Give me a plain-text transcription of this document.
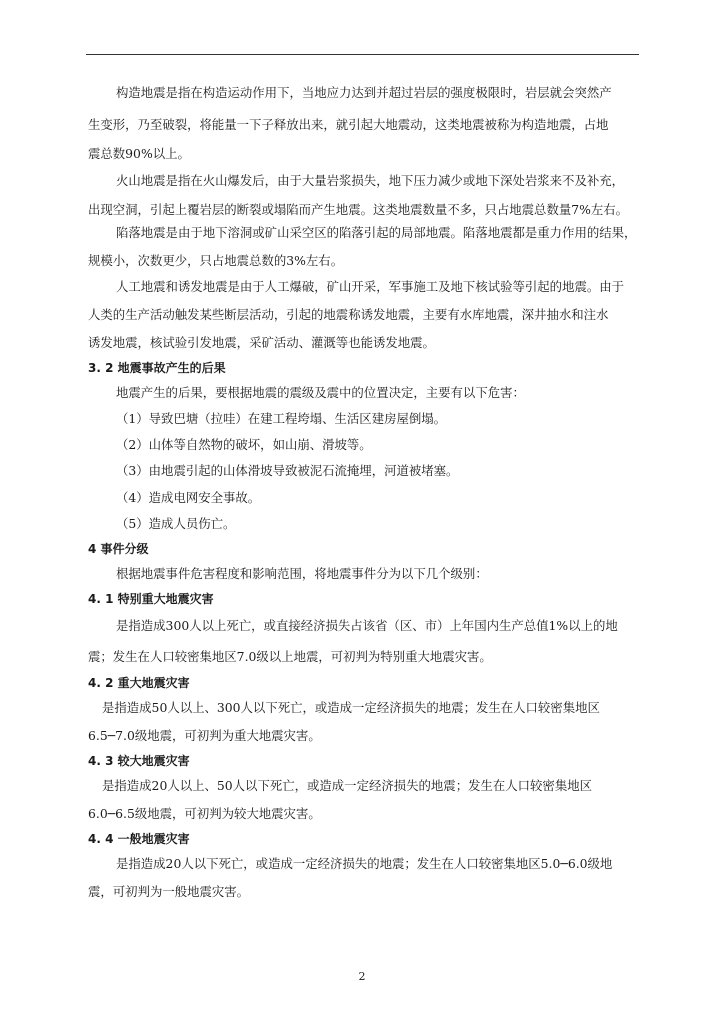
构造地震是指在构造运动作用下，当地应力达到并超过岩层的强度极限时，岩层就会突然产
生变形，乃至破裂，将能量一下子释放出来，就引起大地震动，这类地震被称为构造地震，占地
震总数90%以上。
火山地震是指在火山爆发后，由于大量岩浆损失，地下压力减少或地下深处岩浆来不及补充，
出现空洞，引起上覆岩层的断裂或塌陷而产生地震。这类地震数量不多，只占地震总数量7%左右。
陷落地震是由于地下溶洞或矿山采空区的陷落引起的局部地震。陷落地震都是重力作用的结果，
规模小，次数更少，只占地震总数的3%左右。
人工地震和诱发地震是由于人工爆破，矿山开采，军事施工及地下核试验等引起的地震。由于
人类的生产活动触发某些断层活动，引起的地震称诱发地震，主要有水库地震，深井抽水和注水
诱发地震，核试验引发地震，采矿活动、灌溉等也能诱发地震。
3. 2 地震事故产生的后果
地震产生的后果，要根据地震的震级及震中的位置决定，主要有以下危害：
（1）导致巴塘（拉哇）在建工程垮塌、生活区建房屋倒塌。
（2）山体等自然物的破坏，如山崩、滑坡等。
（3）由地震引起的山体滑坡导致被泥石流掩埋，河道被堵塞。
（4）造成电网安全事故。
（5）造成人员伤亡。
4 事件分级
根据地震事件危害程度和影响范围，将地震事件分为以下几个级别：
4. 1 特别重大地震灾害
是指造成300人以上死亡，或直接经济损失占该省（区、市）上年国内生产总值1%以上的地
震；发生在人口较密集地区7.0级以上地震，可初判为特别重大地震灾害。
4. 2 重大地震灾害
是指造成50人以上、300人以下死亡，或造成一定经济损失的地震；发生在人口较密集地区
6.5─7.0级地震，可初判为重大地震灾害。
4. 3 较大地震灾害
是指造成20人以上、50人以下死亡，或造成一定经济损失的地震；发生在人口较密集地区
6.0─6.5级地震，可初判为较大地震灾害。
4. 4 一般地震灾害
是指造成20人以下死亡，或造成一定经济损失的地震；发生在人口较密集地区5.0─6.0级地
震，可初判为一般地震灾害。
2
